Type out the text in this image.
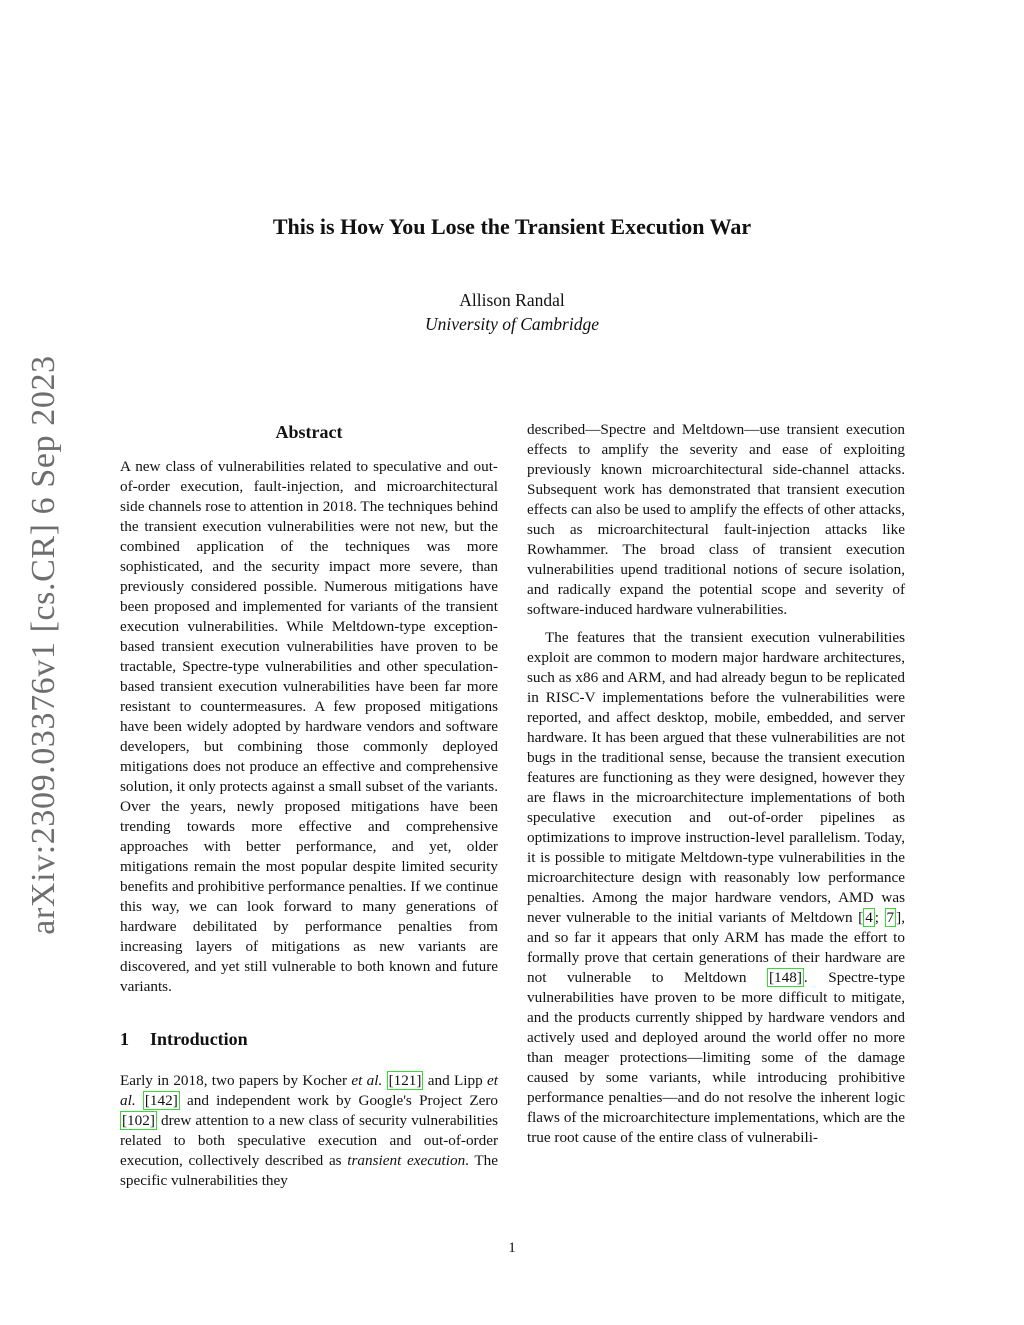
arXiv:2309.03376v1 [cs.CR] 6 Sep 2023
This is How You Lose the Transient Execution War
Allison Randal
University of Cambridge
Abstract

A new class of vulnerabilities related to speculative and out-of-order execution, fault-injection, and microarchitectural side channels rose to attention in 2018. The techniques behind the transient execution vulnerabilities were not new, but the combined application of the techniques was more sophisticated, and the security impact more severe, than previously considered possible. Numerous mitigations have been proposed and implemented for variants of the transient execution vulnerabilities. While Meltdown-type exception-based transient execution vulnerabilities have proven to be tractable, Spectre-type vulnerabilities and other speculation-based transient execution vulnerabilities have been far more resistant to countermeasures. A few proposed mitigations have been widely adopted by hardware vendors and software developers, but combining those commonly deployed mitigations does not produce an effective and comprehensive solution, it only protects against a small subset of the variants. Over the years, newly proposed mitigations have been trending towards more effective and comprehensive approaches with better performance, and yet, older mitigations remain the most popular despite limited security benefits and prohibitive performance penalties. If we continue this way, we can look forward to many generations of hardware debilitated by performance penalties from increasing layers of mitigations as new variants are discovered, and yet still vulnerable to both known and future variants.

1 Introduction

Early in 2018, two papers by Kocher et al. [121] and Lipp et al. [142] and independent work by Google's Project Zero [102] drew attention to a new class of security vulnerabilities related to both speculative execution and out-of-order execution, collectively described as transient execution. The specific vulnerabilities they

described—Spectre and Meltdown—use transient execution effects to amplify the severity and ease of exploiting previously known microarchitectural side-channel attacks. Subsequent work has demonstrated that transient execution effects can also be used to amplify the effects of other attacks, such as microarchitectural fault-injection attacks like Rowhammer. The broad class of transient execution vulnerabilities upend traditional notions of secure isolation, and radically expand the potential scope and severity of software-induced hardware vulnerabilities.

The features that the transient execution vulnerabilities exploit are common to modern major hardware architectures, such as x86 and ARM, and had already begun to be replicated in RISC-V implementations before the vulnerabilities were reported, and affect desktop, mobile, embedded, and server hardware. It has been argued that these vulnerabilities are not bugs in the traditional sense, because the transient execution features are functioning as they were designed, however they are flaws in the microarchitecture implementations of both speculative execution and out-of-order pipelines as optimizations to improve instruction-level parallelism. Today, it is possible to mitigate Meltdown-type vulnerabilities in the microarchitecture design with reasonably low performance penalties. Among the major hardware vendors, AMD was never vulnerable to the initial variants of Meltdown [ 4 ; 7 ], and so far it appears that only ARM has made the effort to formally prove that certain generations of their hardware are not vulnerable to Meltdown [148] . Spectre-type vulnerabilities have proven to be more difficult to mitigate, and the products currently shipped by hardware vendors and actively used and deployed around the world offer no more than meager protections—limiting some of the damage caused by some variants, while introducing prohibitive performance penalties—and do not resolve the inherent logic flaws of the microarchitecture implementations, which are the true root cause of the entire class of vulnerabili-

1
